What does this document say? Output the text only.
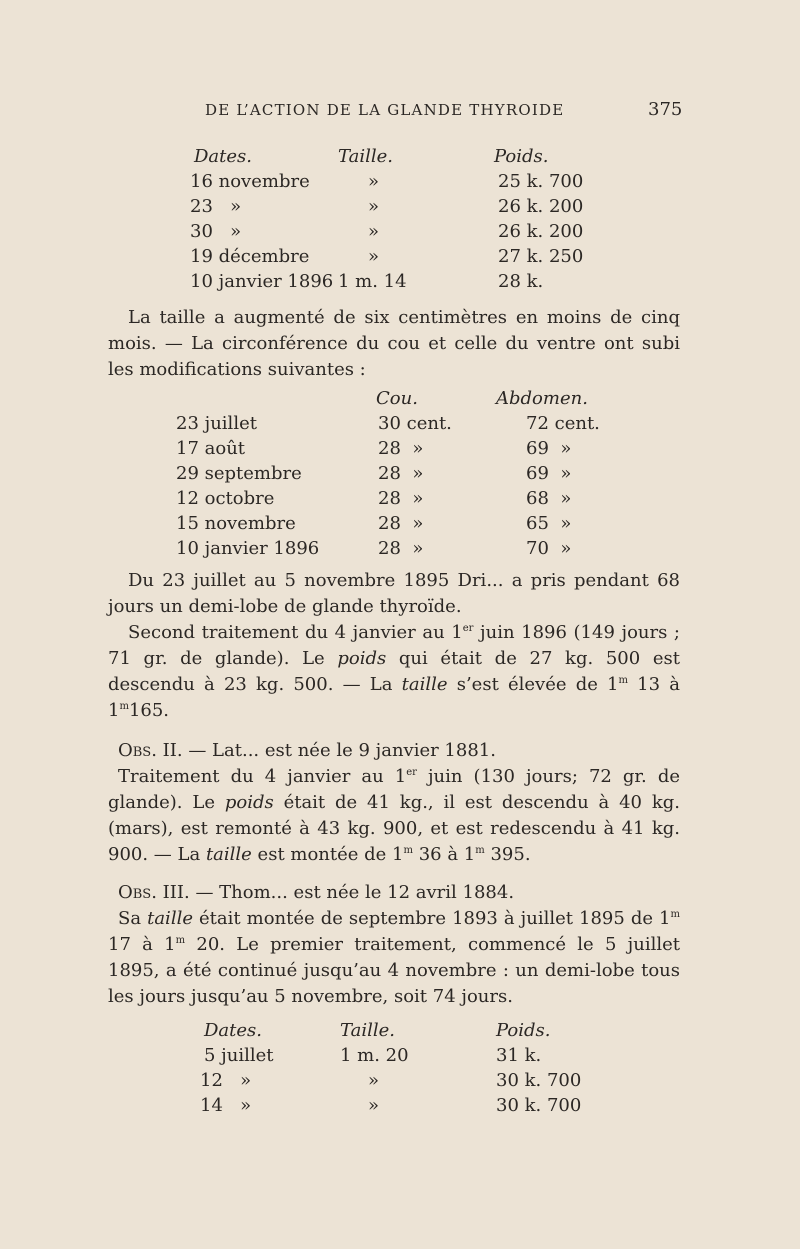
DE L’ACTION DE LA GLANDE THYROIDE	375
Dates.	Taille.	Poids.
16 novembre	»	25 k. 700
23   »	»	26 k. 200
30   »	»	26 k. 200
19 décembre	»	27 k. 250
10 janvier 1896 1 m. 14	28 k.

La taille a augmenté de six centimètres en moins de cinq mois. — La circonférence du cou et celle du ventre ont subi les modifications suivantes :

Cou.	Abdomen.
23 juillet	30 cent.	72 cent.
17 août	28  »	69  »
29 septembre	28  »	69  »
12 octobre	28  »	68  »
15 novembre	28  »	65  »
10 janvier 1896	28  »	70  »

Du 23 juillet au 5 novembre 1895 Dri... a pris pendant 68 jours un demi-lobe de glande thyroïde.

Second traitement du 4 janvier au 1er juin 1896 (149 jours ; 71 gr. de glande). Le poids qui était de 27 kg. 500 est descendu à 23 kg. 500. — La taille s’est élevée de 1$^m$ 13 à 1$^m$165.

Obs. II. — Lat... est née le 9 janvier 1881.

Traitement du 4 janvier au 1er juin (130 jours; 72 gr. de glande). Le poids était de 41 kg., il est descendu à 40 kg. (mars), est remonté à 43 kg. 900, et est redescendu à 41 kg. 900. — La taille est montée de 1$^m$ 36 à 1$^m$ 395.

Obs. III. — Thom... est née le 12 avril 1884.

Sa taille était montée de septembre 1893 à juillet 1895 de 1$^m$ 17 à 1$^m$ 20. Le premier traitement, commencé le 5 juillet 1895, a été continué jusqu’au 4 novembre : un demi-lobe tous les jours jusqu’au 5 novembre, soit 74 jours.

Dates.	Taille.	Poids.
5 juillet	1 m. 20	31 k.
12   »	»	30 k. 700
14   »	»	30 k. 700
